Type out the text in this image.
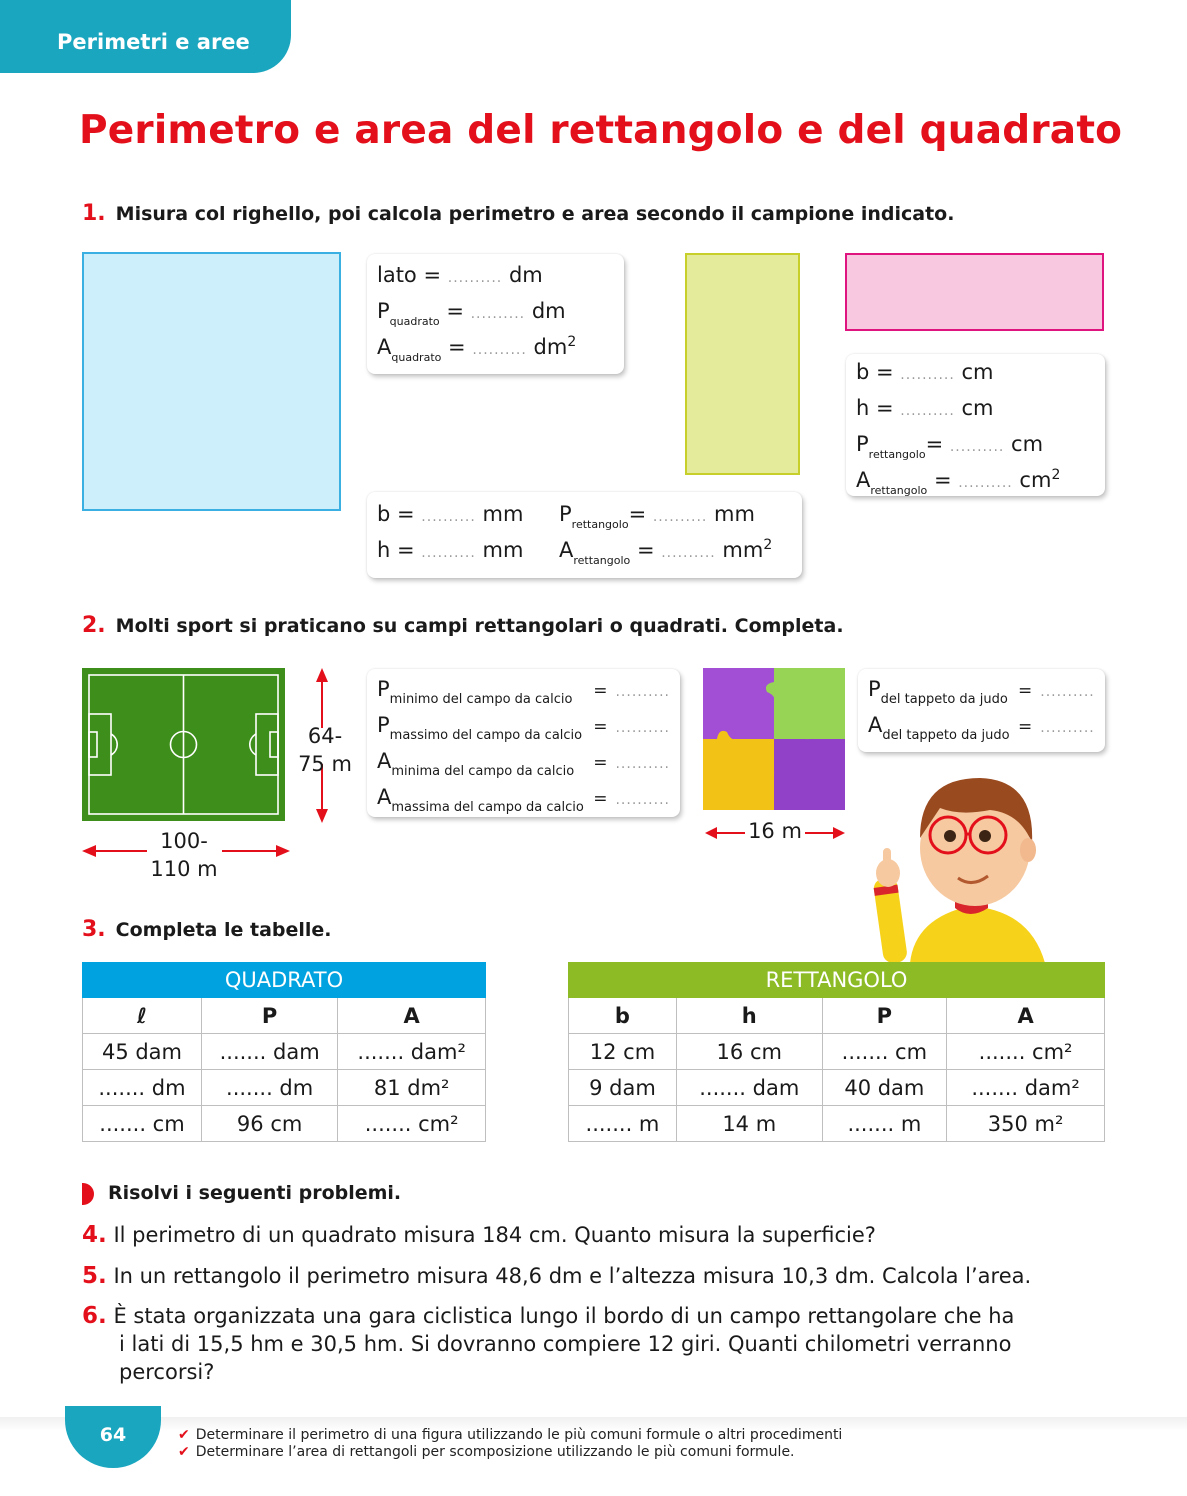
Perimetri e aree
Perimetro e area del rettangolo e del quadrato
1. Misura col righello, poi calcola perimetro e area secondo il campione indicato.
lato = .......... dm
$P_{quadrato}$ = .......... dm
$A_{quadrato}$ = .......... $dm^2$
b = .......... cm
h = .......... cm
$P_{rettangolo}=$ .......... cm
$A_{rettangolo}$ = .......... $cm^2$
b = .......... mm
h = .......... mm
$P_{rettangolo}=$ .......... mm
$A_{rettangolo}$ = .......... $mm^2$
2. Molti sport si praticano su campi rettangolari o quadrati. Completa.
64-
75 m
100-
110 m
$P_{minimo del campo da calcio}$	= ..........
$P_{massimo del campo da calcio}$ = ..........
$A_{minima del campo da calcio}$	= ..........
$A_{massima del campo da calcio}$ = ..........
16 m
$P_{del tappeto da judo}$ = ..........
$A_{del tappeto da judo}$ = ..........
3. Completa le tabelle.
QUADRATO		
ℓ	P	A
45 dam	....... dam	....... dam²
....... dm	....... dm	81 dm²
....... cm	96 cm	....... cm²
RETTANGOLO			
b	h	P	A
12 cm	16 cm	....... cm	....... cm²
9 dam	....... dam	40 dam	....... dam²
....... m	14 m	....... m	350 m²
Risolvi i seguenti problemi.
4. Il perimetro di un quadrato misura 184 cm. Quanto misura la superficie?
5. In un rettangolo il perimetro misura 48,6 dm e l’altezza misura 10,3 dm. Calcola l’area.
6. È stata organizzata una gara ciclistica lungo il bordo di un campo rettangolare che ha
i lati di 15,5 hm e 30,5 hm. Si dovranno compiere 12 giri. Quanti chilometri verranno
percorsi?
64	✔ Determinare il perimetro di una figura utilizzando le più comuni formule o altri procedimenti
✔ Determinare l’area di rettangoli per scomposizione utilizzando le più comuni formule.
